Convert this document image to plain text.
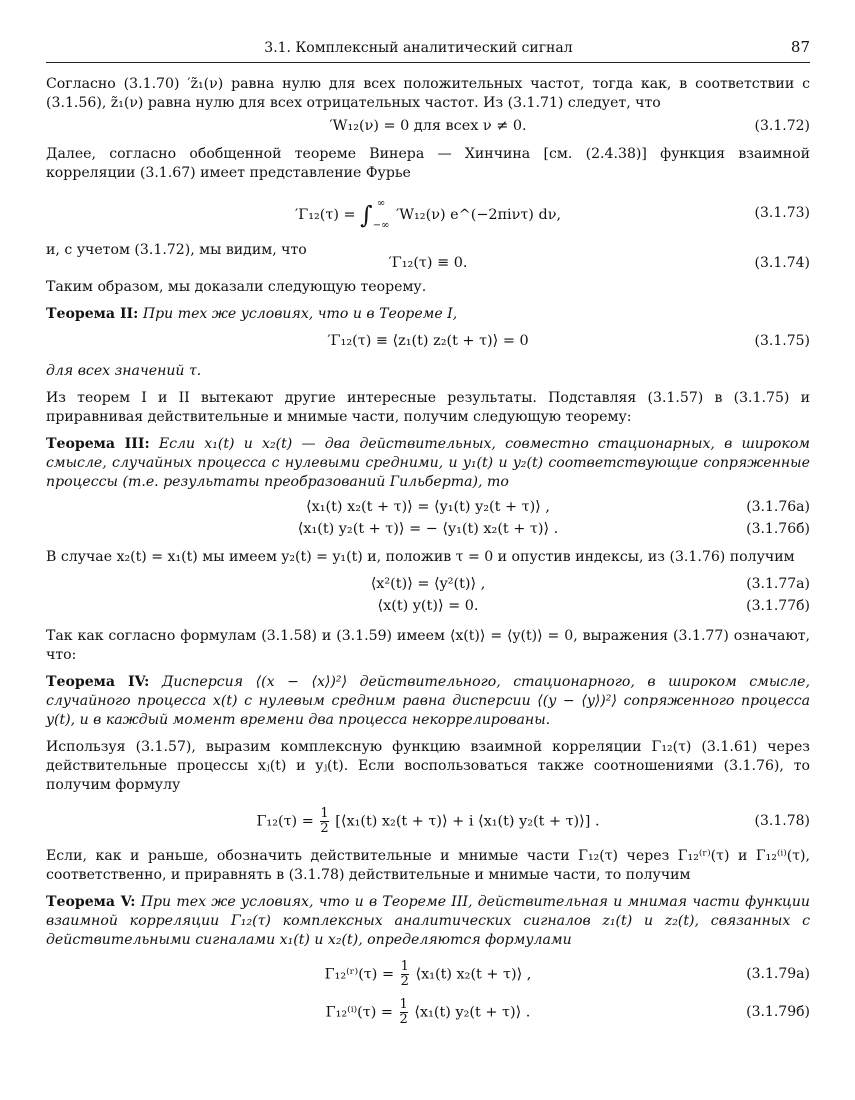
3.1. Комплексный аналитический сигнал	87

Согласно (3.1.70) ′z̃₁(ν) равна нулю для всех положительных частот, тогда как, в соответствии с (3.1.56), z̃₁(ν) равна нулю для всех отрицательных частот. Из (3.1.71) следует, что

′W₁₂(ν) = 0 для всех ν ≠ 0.	(3.1.72)

Далее, согласно обобщенной теореме Винера — Хинчина [см. (2.4.38)] функция взаимной корреляции (3.1.67) имеет представление Фурье

′Γ₁₂(τ) = ∫ ∞
−∞
′W₁₂(ν) e^(−2πiντ) dν,	(3.1.73)

и, с учетом (3.1.72), мы видим, что

′Γ₁₂(τ) ≡ 0.	(3.1.74)

Таким образом, мы доказали следующую теорему.

Теорема II: При тех же условиях, что и в Теореме I,

′Γ₁₂(τ) ≡ ⟨z₁(t) z₂(t + τ)⟩ = 0	(3.1.75)

для всех значений τ.

Из теорем I и II вытекают другие интересные результаты. Подставляя (3.1.57) в (3.1.75) и приравнивая действительные и мнимые части, получим следующую теорему:

Теорема III: Если x₁(t) и x₂(t) — два действительных, совместно стационарных, в широком смысле, случайных процесса с нулевыми средними, и y₁(t) и y₂(t) соответствующие сопряженные процессы (т.е. результаты преобразований Гильберта), то

⟨x₁(t) x₂(t + τ)⟩ = ⟨y₁(t) y₂(t + τ)⟩ ,	(3.1.76а)
⟨x₁(t) y₂(t + τ)⟩ = − ⟨y₁(t) x₂(t + τ)⟩ .	(3.1.76б)

В случае x₂(t) = x₁(t) мы имеем y₂(t) = y₁(t) и, положив τ = 0 и опустив индексы, из (3.1.76) получим

⟨x²(t)⟩ = ⟨y²(t)⟩ ,	(3.1.77а)
⟨x(t) y(t)⟩ = 0.	(3.1.77б)

Так как согласно формулам (3.1.58) и (3.1.59) имеем ⟨x(t)⟩ = ⟨y(t)⟩ = 0, выражения (3.1.77) означают, что:

Теорема IV: Дисперсия ⟨(x − ⟨x⟩)²⟩ действительного, стационарного, в широком смысле, случайного процесса x(t) с нулевым средним равна дисперсии ⟨(y − ⟨y⟩)²⟩ сопряженного процесса y(t), и в каждый момент времени два процесса некоррелированы.

Используя (3.1.57), выразим комплексную функцию взаимной корреляции Γ₁₂(τ) (3.1.61) через действительные процессы xⱼ(t) и yⱼ(t). Если воспользоваться также соотношениями (3.1.76), то получим формулу

$\Gamma_{12}(\tau) = \frac{1}{2}$ [⟨x₁(t) x₂(t + τ)⟩ + i ⟨x₁(t) y₂(t + τ)⟩] .	(3.1.78)

Если, как и раньше, обозначить действительные и мнимые части Γ₁₂(τ) через Γ₁₂⁽ʳ⁾(τ) и Γ₁₂⁽ⁱ⁾(τ), соответственно, и приравнять в (3.1.78) действительные и мнимые части, то получим

Теорема V: При тех же условиях, что и в Теореме III, действительная и мнимая части функции взаимной корреляции Γ₁₂(τ) комплексных аналитических сигналов z₁(t) и z₂(t), связанных с действительными сигналами x₁(t) и x₂(t), определяются формулами

Γ₁₂⁽ʳ⁾(τ) = $\frac{1}{2}$ ⟨x₁(t) x₂(t + τ)⟩ ,	(3.1.79а)
$\Gamma_{12}^{(i)}(\tau) = \frac{1}{2}$ ⟨x₁(t) y₂(t + τ)⟩ .	(3.1.79б)
